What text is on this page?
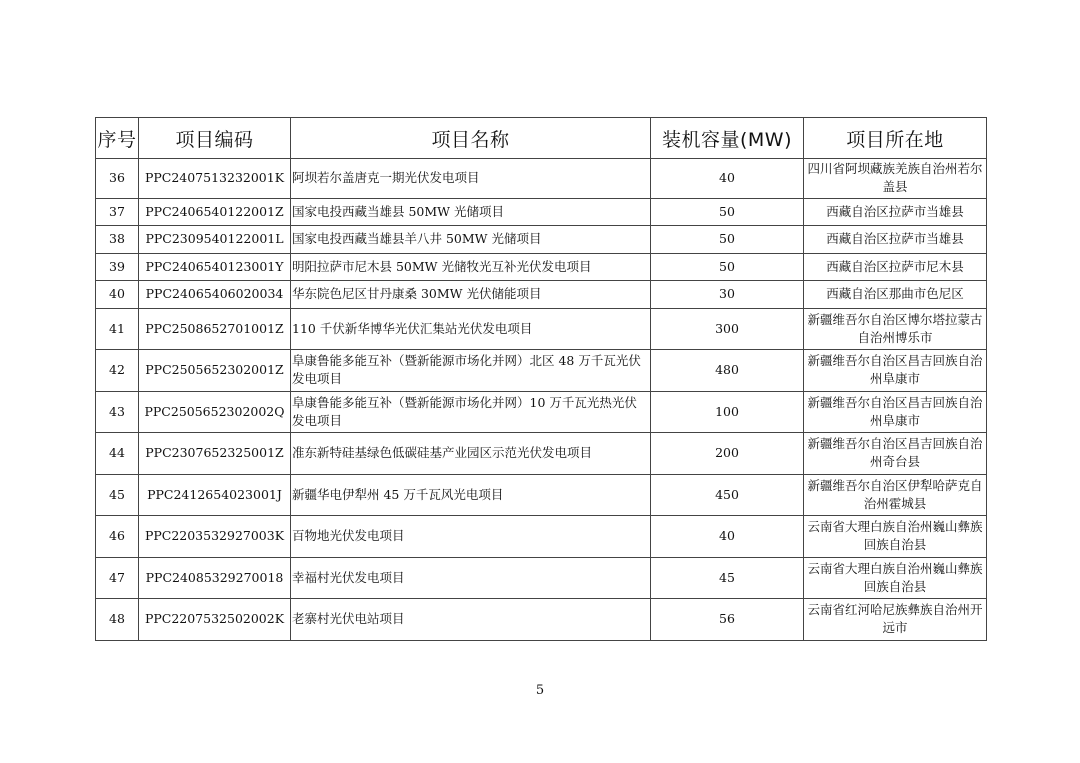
序号	项目编码	项目名称	装机容量(MW)	项目所在地
36	PPC2407513232001K	阿坝若尔盖唐克一期光伏发电项目	40	四川省阿坝藏族羌族自治州若尔盖县
37	PPC2406540122001Z	国家电投西藏当雄县 50MW 光储项目	50	西藏自治区拉萨市当雄县
38	PPC2309540122001L	国家电投西藏当雄县羊八井 50MW 光储项目	50	西藏自治区拉萨市当雄县
39	PPC2406540123001Y	明阳拉萨市尼木县 50MW 光储牧光互补光伏发电项目	50	西藏自治区拉萨市尼木县
40	PPC24065406020034	华东院色尼区甘丹康桑 30MW 光伏储能项目	30	西藏自治区那曲市色尼区
41	PPC2508652701001Z	110 千伏新华博华光伏汇集站光伏发电项目	300	新疆维吾尔自治区博尔塔拉蒙古自治州博乐市
42	PPC2505652302001Z	阜康鲁能多能互补（暨新能源市场化并网）北区 48 万千瓦光伏发电项目	480	新疆维吾尔自治区昌吉回族自治州阜康市
43	PPC2505652302002Q	阜康鲁能多能互补（暨新能源市场化并网）10 万千瓦光热光伏发电项目	100	新疆维吾尔自治区昌吉回族自治州阜康市
44	PPC2307652325001Z	准东新特硅基绿色低碳硅基产业园区示范光伏发电项目	200	新疆维吾尔自治区昌吉回族自治州奇台县
45	PPC2412654023001J	新疆华电伊犁州 45 万千瓦风光电项目	450	新疆维吾尔自治区伊犁哈萨克自治州霍城县
46	PPC2203532927003K	百物地光伏发电项目	40	云南省大理白族自治州巍山彝族回族自治县
47	PPC24085329270018	幸福村光伏发电项目	45	云南省大理白族自治州巍山彝族回族自治县
48	PPC2207532502002K	老寨村光伏电站项目	56	云南省红河哈尼族彝族自治州开远市
5
